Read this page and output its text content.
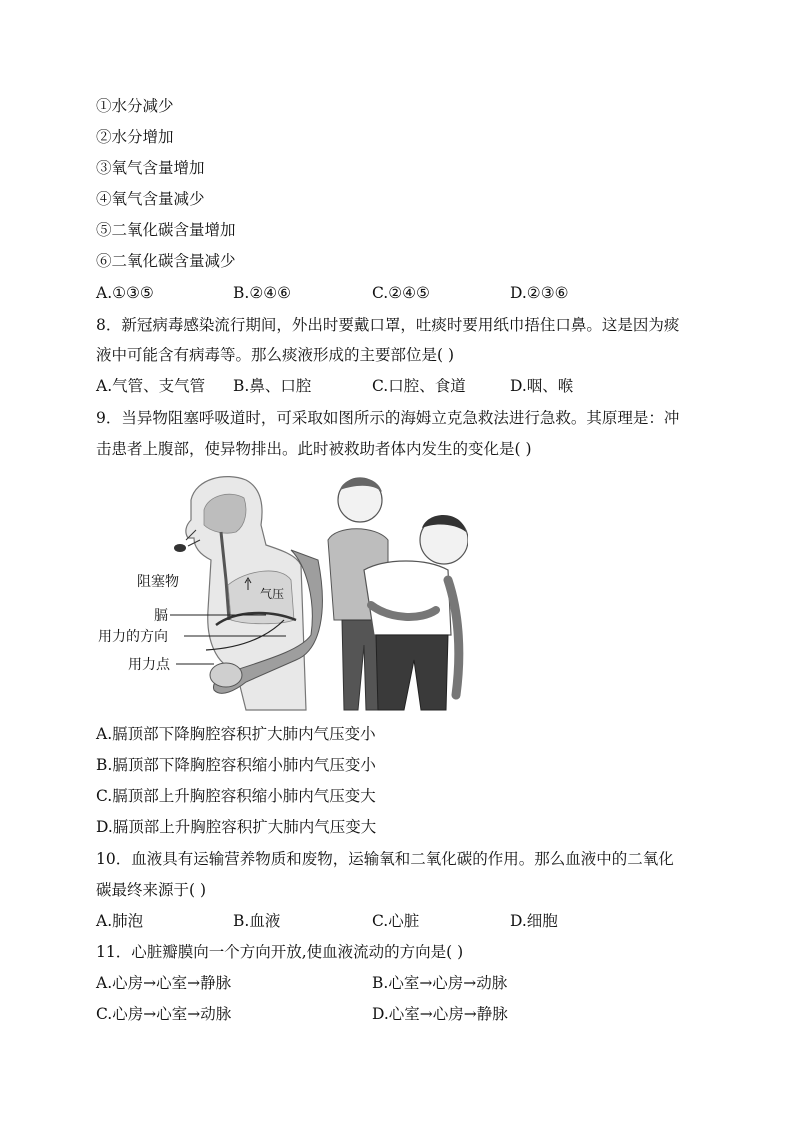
①水分减少
②水分增加
③氧气含量增加
④氧气含量减少
⑤二氧化碳含量增加
⑥二氧化碳含量减少
A.①③⑤	B.②④⑥	C.②④⑤	D.②③⑥
8．新冠病毒感染流行期间，外出时要戴口罩，吐痰时要用纸巾捂住口鼻。这是因为痰
液中可能含有病毒等。那么痰液形成的主要部位是( )
A.气管、支气管 B.鼻、口腔	C.口腔、食道	D.咽、喉
9．当异物阻塞呼吸道时，可采取如图所示的海姆立克急救法进行急救。其原理是：冲
击患者上腹部，使异物排出。此时被救助者体内发生的变化是( )
阻塞物
气压
膈
用力的方向
用力点
A.膈顶部下降胸腔容积扩大肺内气压变小
B.膈顶部下降胸腔容积缩小肺内气压变小
C.膈顶部上升胸腔容积缩小肺内气压变大
D.膈顶部上升胸腔容积扩大肺内气压变大
10．血液具有运输营养物质和废物，运输氧和二氧化碳的作用。那么血液中的二氧化
碳最终来源于( )
A.肺泡	B.血液	C.心脏	D.细胞
11．心脏瓣膜向一个方向开放,使血液流动的方向是( )
A.心房→心室→静脉	B.心室→心房→动脉
C.心房→心室→动脉	D.心室→心房→静脉
